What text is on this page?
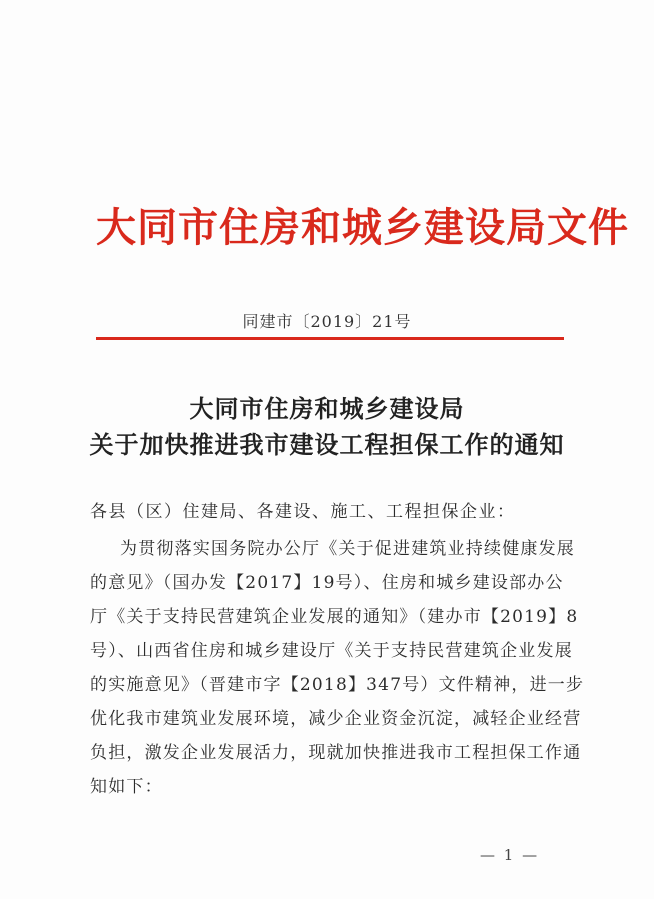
大同市住房和城乡建设局文件
同建市〔2019〕21号
大同市住房和城乡建设局
关于加快推进我市建设工程担保工作的通知
各县（区）住建局、各建设、施工、工程担保企业：
为贯彻落实国务院办公厅《关于促进建筑业持续健康发展
的意见》（国办发【2017】19号）、住房和城乡建设部办公
厅《关于支持民营建筑企业发展的通知》（建办市【2019】8
号）、山西省住房和城乡建设厅《关于支持民营建筑企业发展
的实施意见》（晋建市字【2018】347号）文件精神，进一步
优化我市建筑业发展环境，减少企业资金沉淀，减轻企业经营
负担，激发企业发展活力，现就加快推进我市工程担保工作通
知如下：
— 1 —
